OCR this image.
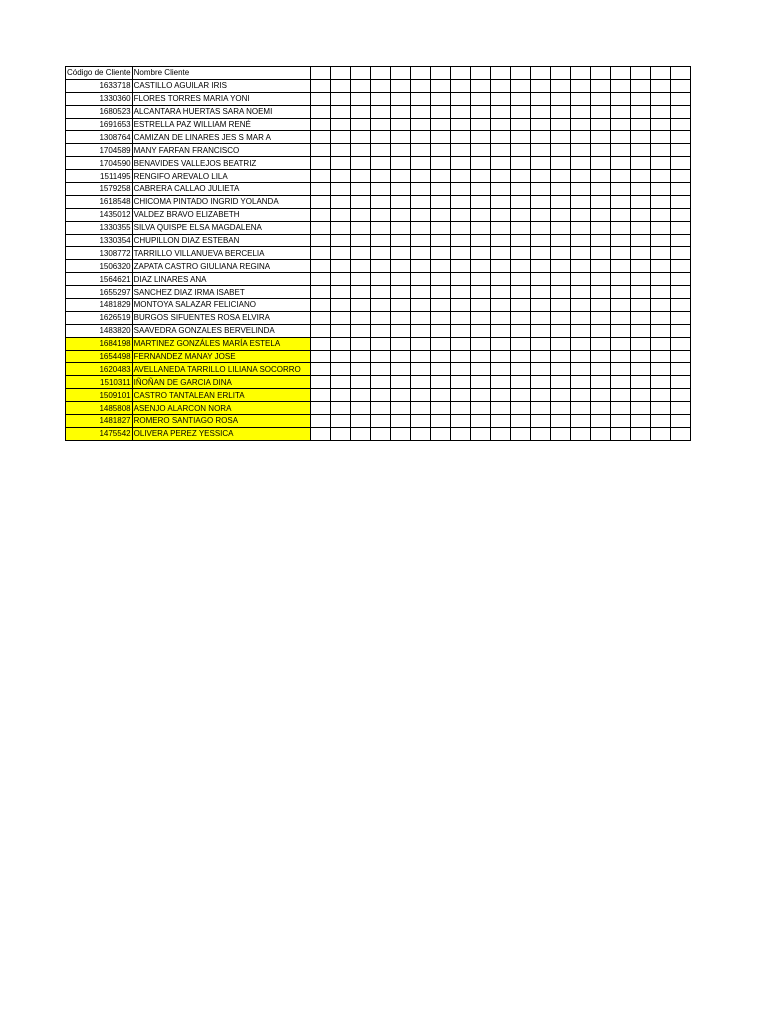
Código de Cliente	Nombre Cliente																			
1633718	CASTILLO AGUILAR IRIS																			
1330360	FLORES TORRES MARIA YONI																			
1680523	ALCANTARA HUERTAS SARA NOEMI																			
1691653	ESTRELLA PAZ WILLIAM RENÉ																			
1308764	CAMIZAN DE LINARES JES S MAR A																			
1704589	MANY FARFAN FRANCISCO																			
1704590	BENAVIDES VALLEJOS BEATRIZ																			
1511495	RENGIFO AREVALO LILA																			
1579258	CABRERA CALLAO JULIETA																			
1618548	CHICOMA PINTADO INGRID YOLANDA																			
1435012	VALDEZ BRAVO ELIZABETH																			
1330355	SILVA QUISPE ELSA MAGDALENA																			
1330354	CHUPILLON DIAZ ESTEBAN																			
1308772	TARRILLO VILLANUEVA BERCELIA																			
1506320	ZAPATA CASTRO GIULIANA REGINA																			
1564621	DIAZ LINARES ANA																			
1655297	SANCHEZ DIAZ IRMA ISABET																			
1481829	MONTOYA SALAZAR FELICIANO																			
1626519	BURGOS SIFUENTES ROSA ELVIRA																			
1483820	SAAVEDRA GONZALES BERVELINDA																			
1684198	MARTINEZ GONZÁLES MARÍA ESTELA																			
1654498	FERNANDEZ MANAY JOSE																			
1620483	AVELLANEDA TARRILLO LILIANA SOCORRO																			
1510311	IÑOÑAN DE GARCIA DINA																			
1509101	CASTRO TANTALEAN ERLITA																			
1485808	ASENJO ALARCON NORA																			
1481827	ROMERO SANTIAGO ROSA																			
1475542	OLIVERA PEREZ YESSICA																			
